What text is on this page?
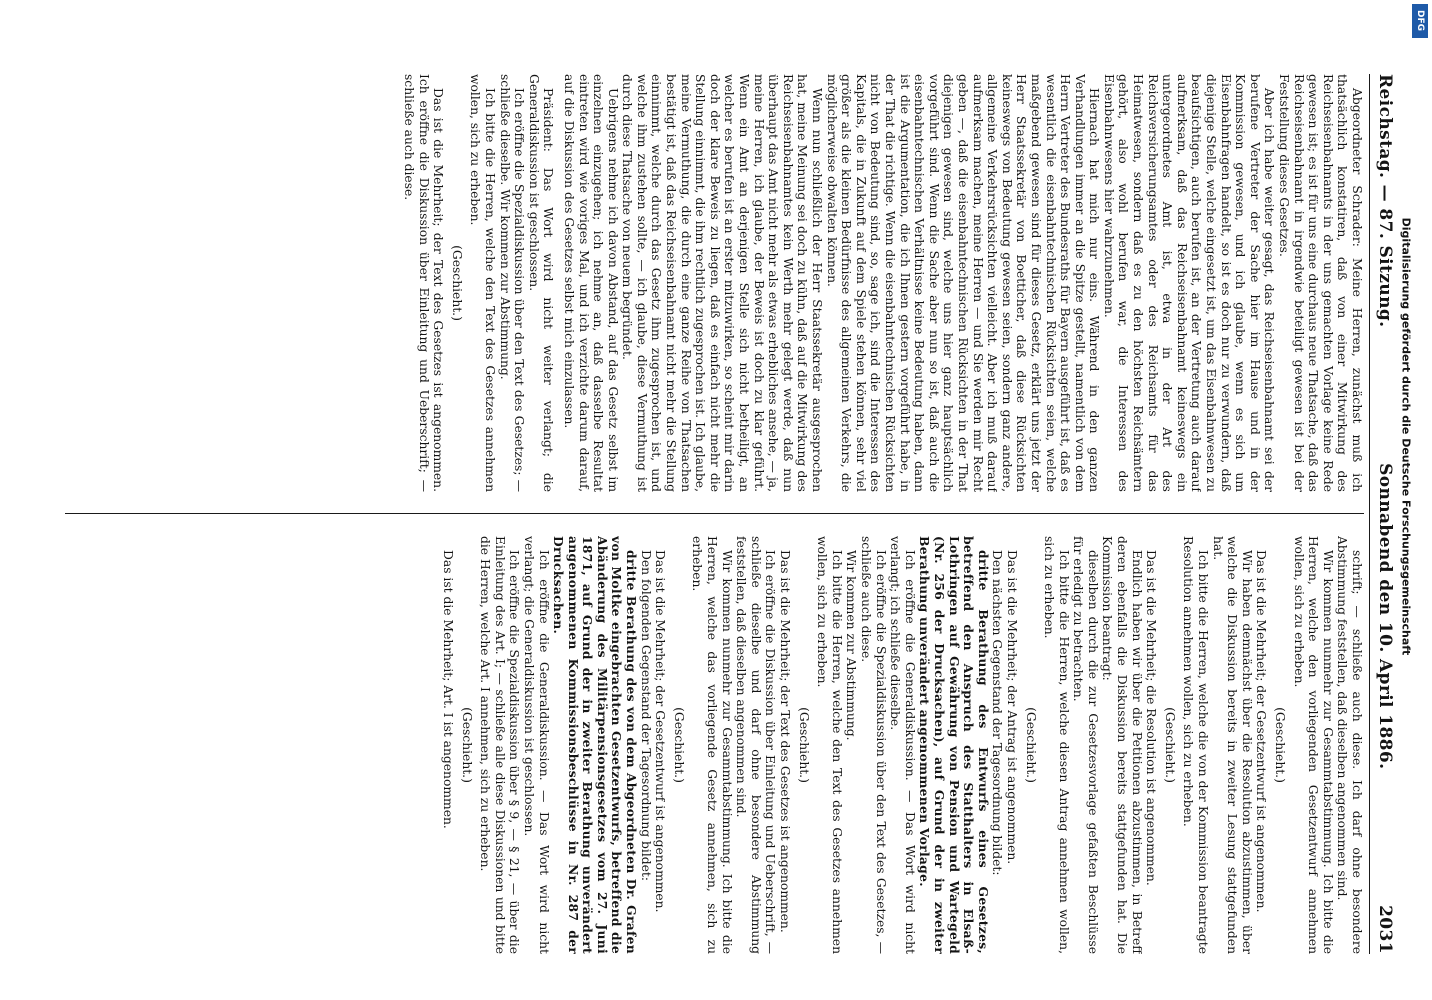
Reichstag. — 87. Sitzung.
Sonnabend den 10. April 1886.
2031

Abgeordneter Schrader: Meine Herren, zunächst muß ich thatsächlich konstatiren, daß von einer Mitwirkung des Reichseisenbahnamts in der uns gemachten Vorlage keine Rede gewesen ist; es ist für uns eine durchaus neue Thatsache, daß das Reichseisenbahnamt in irgendwie beteiligt gewesen ist bei der Feststellung dieses Gesetzes.

Aber ich habe weiter gesagt, das Reichseisenbahnamt sei der berufene Vertreter der Sache hier im Hause und in der Kommission gewesen, und ich glaube, wenn es sich um Eisenbahnfragen handelt, so ist es doch nur zu verwundern, daß diejenige Stelle, welche eingesetzt ist, um das Eisenbahnwesen zu beaufsichtigen, auch berufen ist, an der Vertretung auch darauf aufmerksam, daß das Reichseisenbahnamt keineswegs ein untergeordnetes Amt ist, etwa in der Art des Reichsversicherungsamtes oder des Reichsamts für das Heimatwesen, sondern daß es zu den höchsten Reichsämtern gehört, also wohl berufen war, die Interessen des Eisenbahnwesens hier wahrzunehmen.

Hiernach hat mich nur eins. Während in den ganzen Verhandlungen immer an die Spitze gestellt, namentlich von dem Herrn Vertreter des Bundesraths für Bayern ausgeführt ist, daß es wesentlich die eisenbahntechnischen Rücksichten seien, welche maßgebend gewesen sind für dieses Gesetz, erklärt uns jetzt der Herr Staatssekretär von Boetticher, daß diese Rücksichten keineswegs von Bedeutung gewesen seien, sondern ganz andere, allgemeine Verkehrsrücksichten vielleicht. Aber ich muß darauf aufmerksam machen, meine Herren — und Sie werden mir Recht geben —, daß die eisenbahntechnischen Rücksichten in der That diejenigen gewesen sind, welche uns hier ganz hauptsächlich vorgeführt sind. Wenn die Sache aber nun so ist, daß auch die eisenbahntechnischen Verhältnisse keine Bedeutung haben, dann ist die Argumentation, die ich Ihnen gestern vorgeführt habe, in der That die richtige. Wenn die eisenbahntechnischen Rücksichten nicht von Bedeutung sind, so, sage ich, sind die Interessen des Kapitals, die in Zukunft auf dem Spiele stehen können, sehr viel größer als die kleinen Bedürfnisse des allgemeinen Verkehrs, die möglicherweise obwalten können.

Wenn nun schließlich der Herr Staatssekretär ausgesprochen hat, meine Meinung sei doch zu kühn, daß auf die Mitwirkung des Reichseisenbahnamtes kein Werth mehr gelegt werde, daß nun überhaupt das Amt nicht mehr als etwas erhebliches ansehe, — ja, meine Herren, ich glaube, der Beweis ist doch zu klar geführt. Wenn ein Amt an derjenigen Stelle sich nicht betheiligt, an welcher es berufen ist an erster mitzuwirken, so scheint mir darin doch der klare Beweis zu liegen, daß es einfach nicht mehr die Stellung einnimmt, die ihm rechtlich zugesprochen ist. Ich glaube, meine Vermuthung, die durch eine ganze Reihe von Thatsachen bestätigt ist, daß das Reichseisenbahnamt nicht mehr die Stellung einnimmt, welche durch das Gesetz ihm zugesprochen ist, und welche ihm zustehen sollte, — ich glaube, diese Vermuthung ist durch diese Thatsache von neuem begründet.

Uebrigens nehme ich davon Abstand, auf das Gesetz selbst im einzelnen einzugehen; ich nehme an, daß dasselbe Resultat eintreten wird wie voriges Mal, und ich verzichte darum darauf, auf die Diskussion des Gesetzes selbst mich einzulassen.

Präsident: Das Wort wird nicht weiter verlangt; die Generaldiskussion ist geschlossen.

Ich eröffne die Spezialdiskussion über den Text des Gesetzes; — schließe dieselbe. Wir kommen zur Abstimmung.

Ich bitte die Herren, welche den Text des Gesetzes annehmen wollen, sich zu erheben.

(Geschieht.)

Das ist die Mehrheit; der Text des Gesetzes ist angenommen. Ich eröffne die Diskussion über Einleitung und Ueberschrift; — schließe auch diese.

schrift; — schließe auch diese. Ich darf ohne besondere Abstimmung feststellen, daß dieselben angenommen sind.

Wir kommen nunmehr zur Gesammtabstimmung. Ich bitte die Herren, welche den vorliegenden Gesetzentwurf annehmen wollen, sich zu erheben.

(Geschieht.)

Das ist die Mehrheit; der Gesetzentwurf ist angenommen.

Wir haben demnächst über die Resolution abzustimmen, über welche die Diskussion bereits in zweiter Lesung stattgefunden hat.

Ich bitte die Herren, welche die von der Kommission beantragte Resolution annehmen wollen, sich zu erheben.

(Geschieht.)

Das ist die Mehrheit; die Resolution ist angenommen.

Endlich haben wir über die Petitionen abzustimmen, in Betreff deren ebenfalls die Diskussion bereits stattgefunden hat. Die Kommission beantragt:

dieselben durch die zur Gesetzesvorlage gefaßten Beschlüsse für erledigt zu betrachten.

Ich bitte die Herren, welche diesen Antrag annehmen wollen, sich zu erheben.

(Geschieht.)

Das ist die Mehrheit; der Antrag ist angenommen.

Den nächsten Gegenstand der Tagesordnung bildet:

dritte Berathung des Entwurfs eines Gesetzes, betreffend den Anspruch des Statthalters in Elsaß-Lothringen auf Gewährung von Pension und Wartegeld (Nr. 256 der Drucksachen), auf Grund der in zweiter Berathung unverändert angenommenen Vorlage.

Ich eröffne die Generaldiskussion. — Das Wort wird nicht verlangt; ich schließe dieselbe.

Ich eröffne die Spezialdiskussion über den Text des Gesetzes, — schließe auch diese.

Wir kommen zur Abstimmung.

Ich bitte die Herren, welche den Text des Gesetzes annehmen wollen, sich zu erheben.

(Geschieht.)

Das ist die Mehrheit; der Text des Gesetzes ist angenommen.

Ich eröffne die Diskussion über Einleitung und Ueberschrift, — schließe dieselbe und darf ohne besondere Abstimmung feststellen, daß dieselben angenommen sind.

Wir kommen nunmehr zur Gesammtabstimmung. Ich bitte die Herren, welche das vorliegende Gesetz annehmen, sich zu erheben.

(Geschieht.)

Das ist die Mehrheit; der Gesetzentwurf ist angenommen.

Den folgenden Gegenstand der Tagesordnung bildet:

dritte Berathung des von dem Abgeordneten Dr. Grafen von Moltke eingebrachten Gesetzentwurfs, betreffend die Abänderung des Militärpensionsgesetzes vom 27. Juni 1871, auf Grund der in zweiter Berathung unverändert angenommenen Kommissionsbeschlüsse in Nr. 287 der Drucksachen.

Ich eröffne die Generaldiskussion. — Das Wort wird nicht verlangt; die Generaldiskussion ist geschlossen.

Ich eröffne die Spezialdiskussion über § 9, — § 21, — über die Einleitung des Art. I; — schließe alle diese Diskussionen und bitte die Herren, welche Art. I annehmen, sich zu erheben.

(Geschieht.)

Das ist die Mehrheit; Art. I ist angenommen.

Digitalisierung gefördert durch die Deutsche Forschungsgemeinschaft
DFG
